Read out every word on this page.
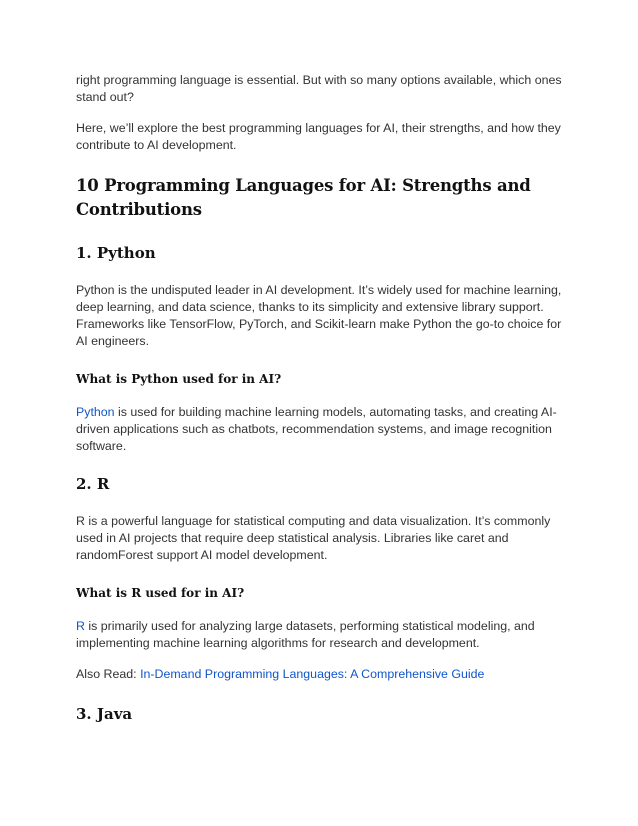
right programming language is essential. But with so many options available, which ones stand out?

Here, we’ll explore the best programming languages for AI, their strengths, and how they contribute to AI development.

10 Programming Languages for AI: Strengths and Contributions
1. Python

Python is the undisputed leader in AI development. It’s widely used for machine learning, deep learning, and data science, thanks to its simplicity and extensive library support. Frameworks like TensorFlow, PyTorch, and Scikit-learn make Python the go-to choice for AI engineers.

What is Python used for in AI?

Python is used for building machine learning models, automating tasks, and creating AI-driven applications such as chatbots, recommendation systems, and image recognition software.

2. R

R is a powerful language for statistical computing and data visualization. It’s commonly used in AI projects that require deep statistical analysis. Libraries like caret and randomForest support AI model development.

What is R used for in AI?

R is primarily used for analyzing large datasets, performing statistical modeling, and implementing machine learning algorithms for research and development.

Also Read: In-Demand Programming Languages: A Comprehensive Guide

3. Java
